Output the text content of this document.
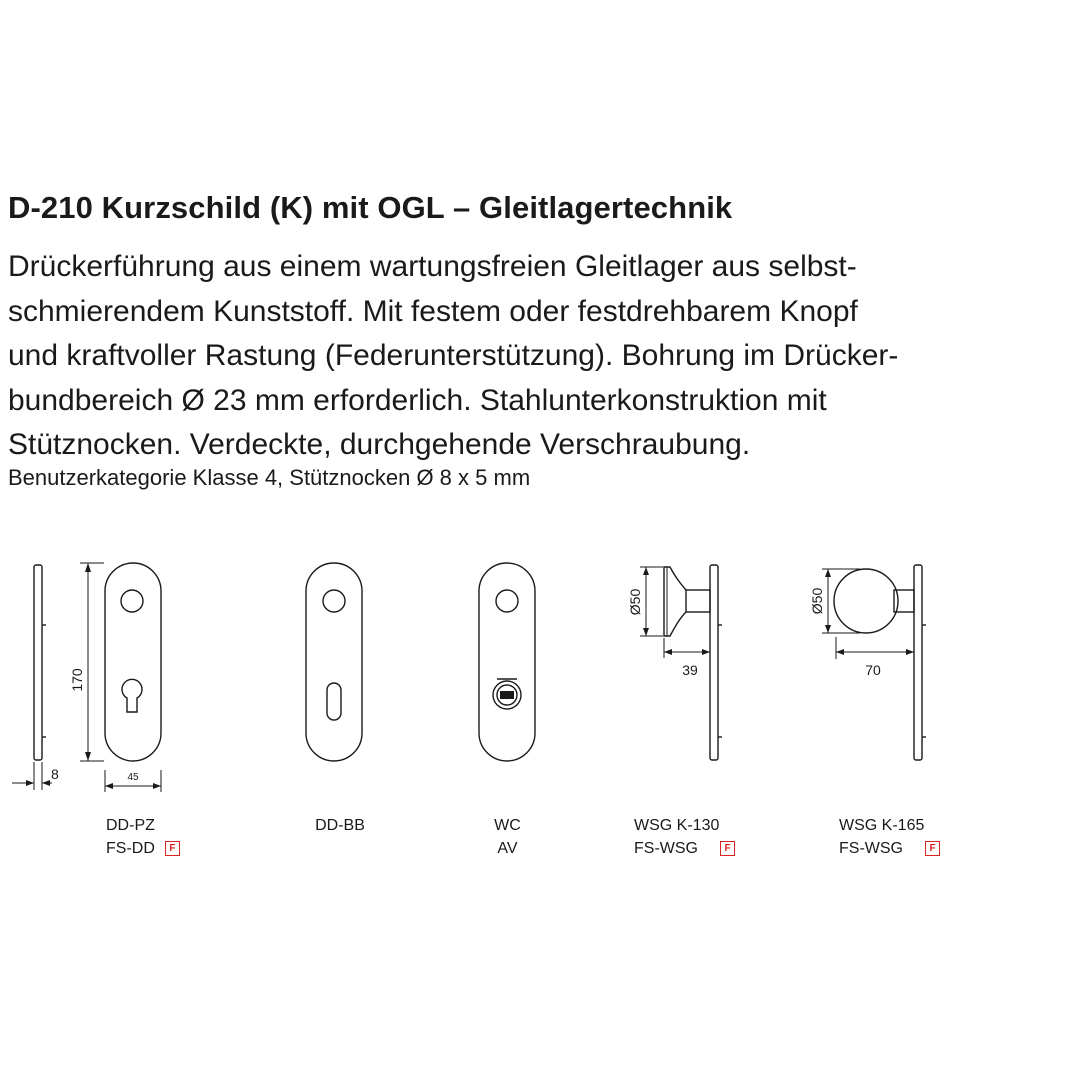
D-210 Kurzschild (K) mit OGL – Gleitlagertechnik

Drückerführung aus einem wartungsfreien Gleitlager aus selbst-
schmierendem Kunststoff. Mit festem oder festdrehbarem Knopf
und kraftvoller Rastung (Federunterstützung). Bohrung im Drücker-
bundbereich Ø 23 mm erforderlich. Stahlunterkonstruktion mit
Stütznocken. Verdeckte, durchgehende Verschraubung.

Benutzerkategorie Klasse 4, Stütznocken Ø 8 x 5 mm
8
170
45
Ø50
39
Ø50
70
DD-PZ
FS-DD	F
DD-BB	WC
AV
WSG K-130
FS-WSG	F
WSG K-165
FS-WSG	F
